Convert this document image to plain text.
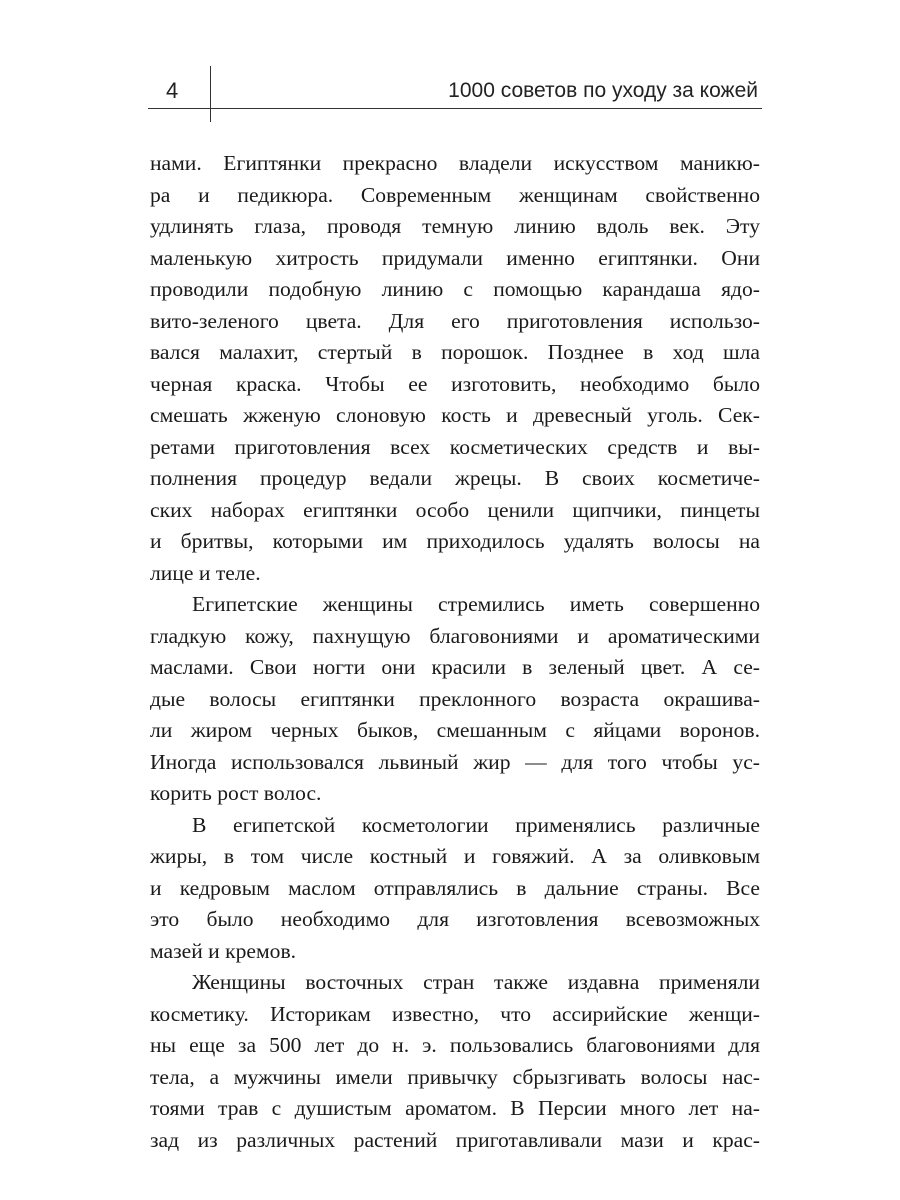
4	1000 советов по уходу за кожей
нами. Египтянки прекрасно владели искусством маникю-
ра и педикюра. Современным женщинам свойственно
удлинять глаза, проводя темную линию вдоль век. Эту
маленькую хитрость придумали именно египтянки. Они
проводили подобную линию с помощью карандаша ядо-
вито-зеленого цвета. Для его приготовления использо-
вался малахит, стертый в порошок. Позднее в ход шла
черная краска. Чтобы ее изготовить, необходимо было
смешать жженую слоновую кость и древесный уголь. Сек-
ретами приготовления всех косметических средств и вы-
полнения процедур ведали жрецы. В своих косметиче-
ских наборах египтянки особо ценили щипчики, пинцеты
и бритвы, которыми им приходилось удалять волосы на
лице и теле.
Египетские женщины стремились иметь совершенно
гладкую кожу, пахнущую благовониями и ароматическими
маслами. Свои ногти они красили в зеленый цвет. А се-
дые волосы египтянки преклонного возраста окрашива-
ли жиром черных быков, смешанным с яйцами воронов.
Иногда использовался львиный жир — для того чтобы ус-
корить рост волос.
В египетской косметологии применялись различные
жиры, в том числе костный и говяжий. А за оливковым
и кедровым маслом отправлялись в дальние страны. Все
это было необходимо для изготовления всевозможных
мазей и кремов.
Женщины восточных стран также издавна применяли
косметику. Историкам известно, что ассирийские женщи-
ны еще за 500 лет до н. э. пользовались благовониями для
тела, а мужчины имели привычку сбрызгивать волосы нас-
тоями трав с душистым ароматом. В Персии много лет на-
зад из различных растений приготавливали мази и крас-
